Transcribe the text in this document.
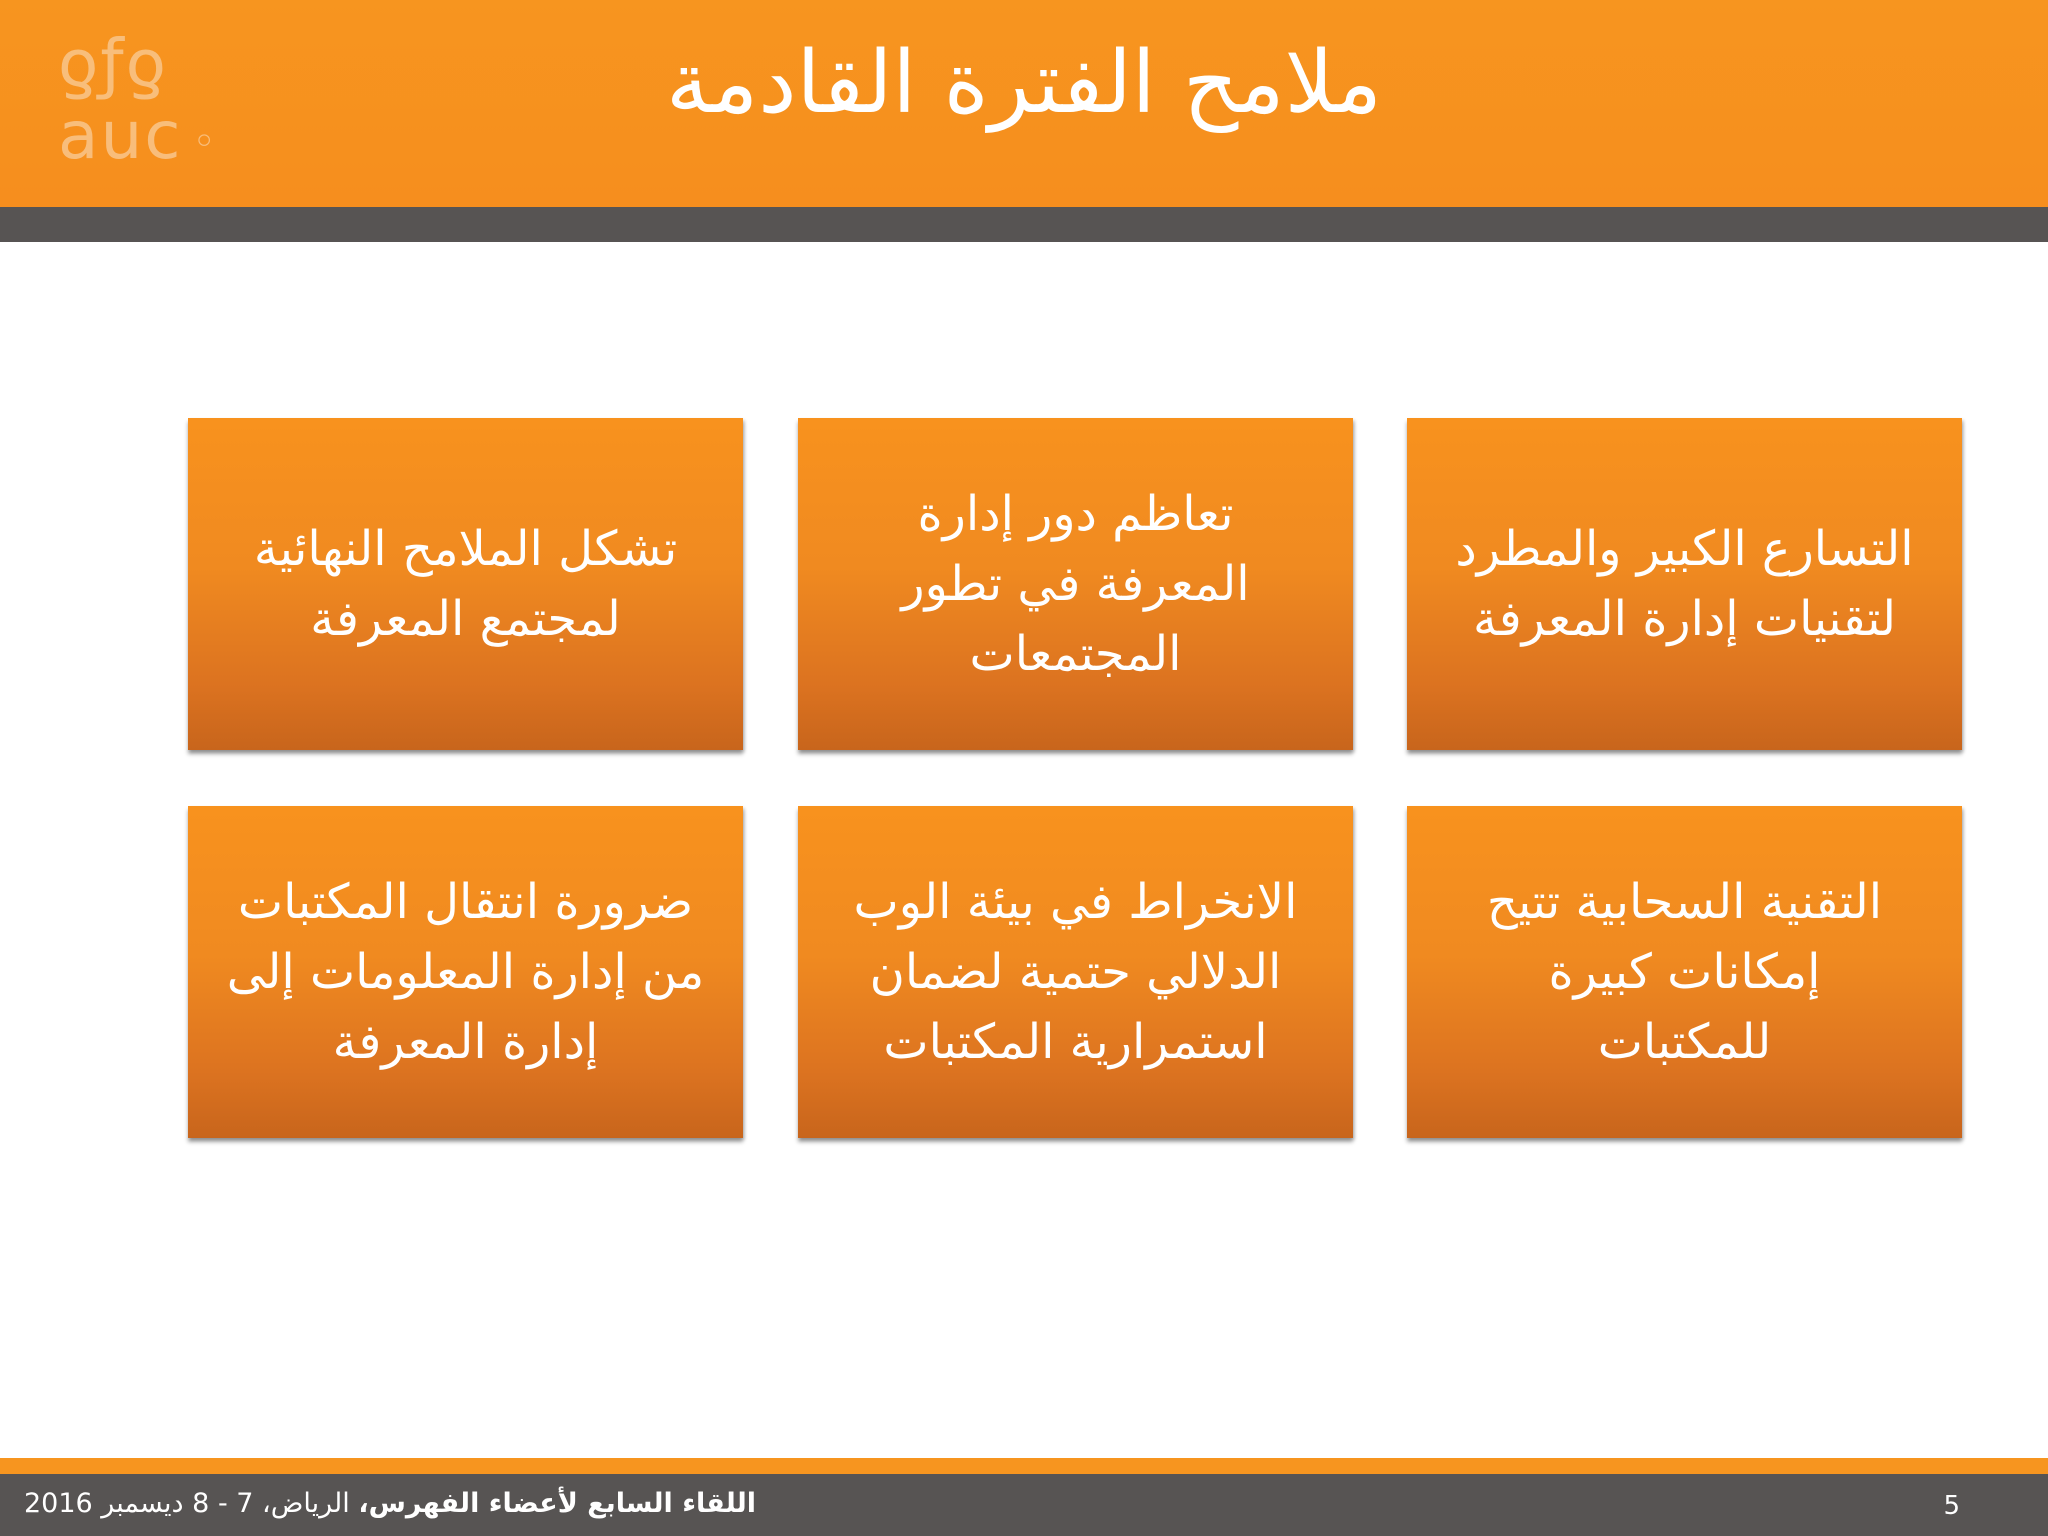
ƍƒƍ
auc ◦
ملامح الفترة القادمة
التسارع الكبير والمطرد
لتقنيات إدارة المعرفة
تعاظم دور إدارة
المعرفة في تطور
المجتمعات
تشكل الملامح النهائية
لمجتمع المعرفة
التقنية السحابية تتيح
إمكانات كبيرة
للمكتبات
الانخراط في بيئة الوب
الدلالي حتمية لضمان
استمرارية المكتبات
ضرورة انتقال المكتبات
من إدارة المعلومات إلى
إدارة المعرفة
اللقاء السابع لأعضاء الفهرس، الرياض، 7 - 8 ديسمبر 2016	5
